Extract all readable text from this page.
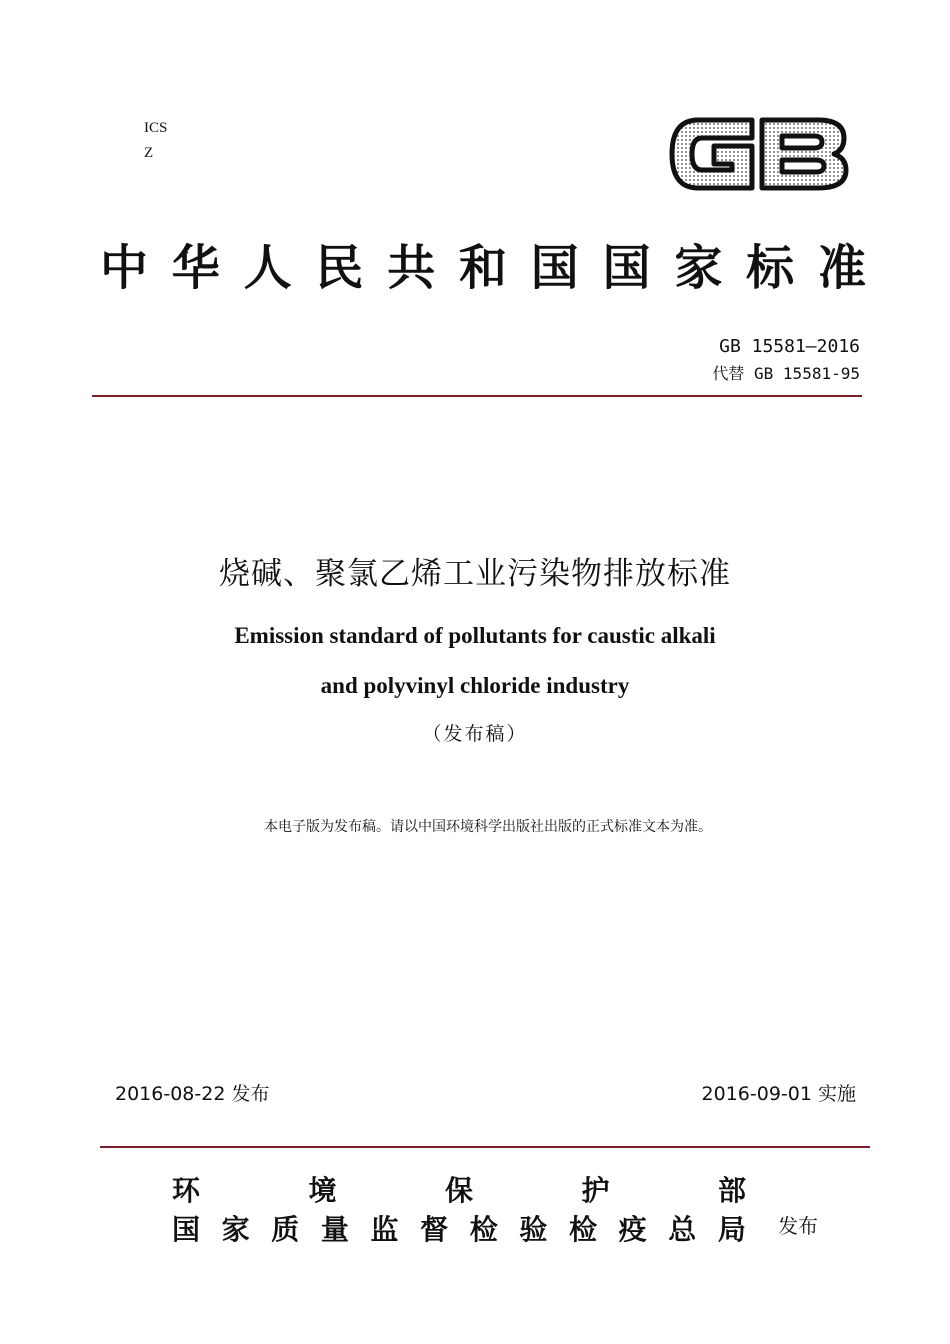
ICS
Z
中 华 人 民 共 和 国 国 家 标 准
GB 15581—2016
代替 GB 15581-95
烧碱、聚氯乙烯工业污染物排放标准
Emission standard of pollutants for caustic alkali
and polyvinyl chloride industry
（发布稿）
本电子版为发布稿。请以中国环境科学出版社出版的正式标准文本为准。
2016-08-22 发布	2016-09-01 实施
环	境	保	护	部
国 家 质 量 监 督 检 验 检 疫 总 局 发布
